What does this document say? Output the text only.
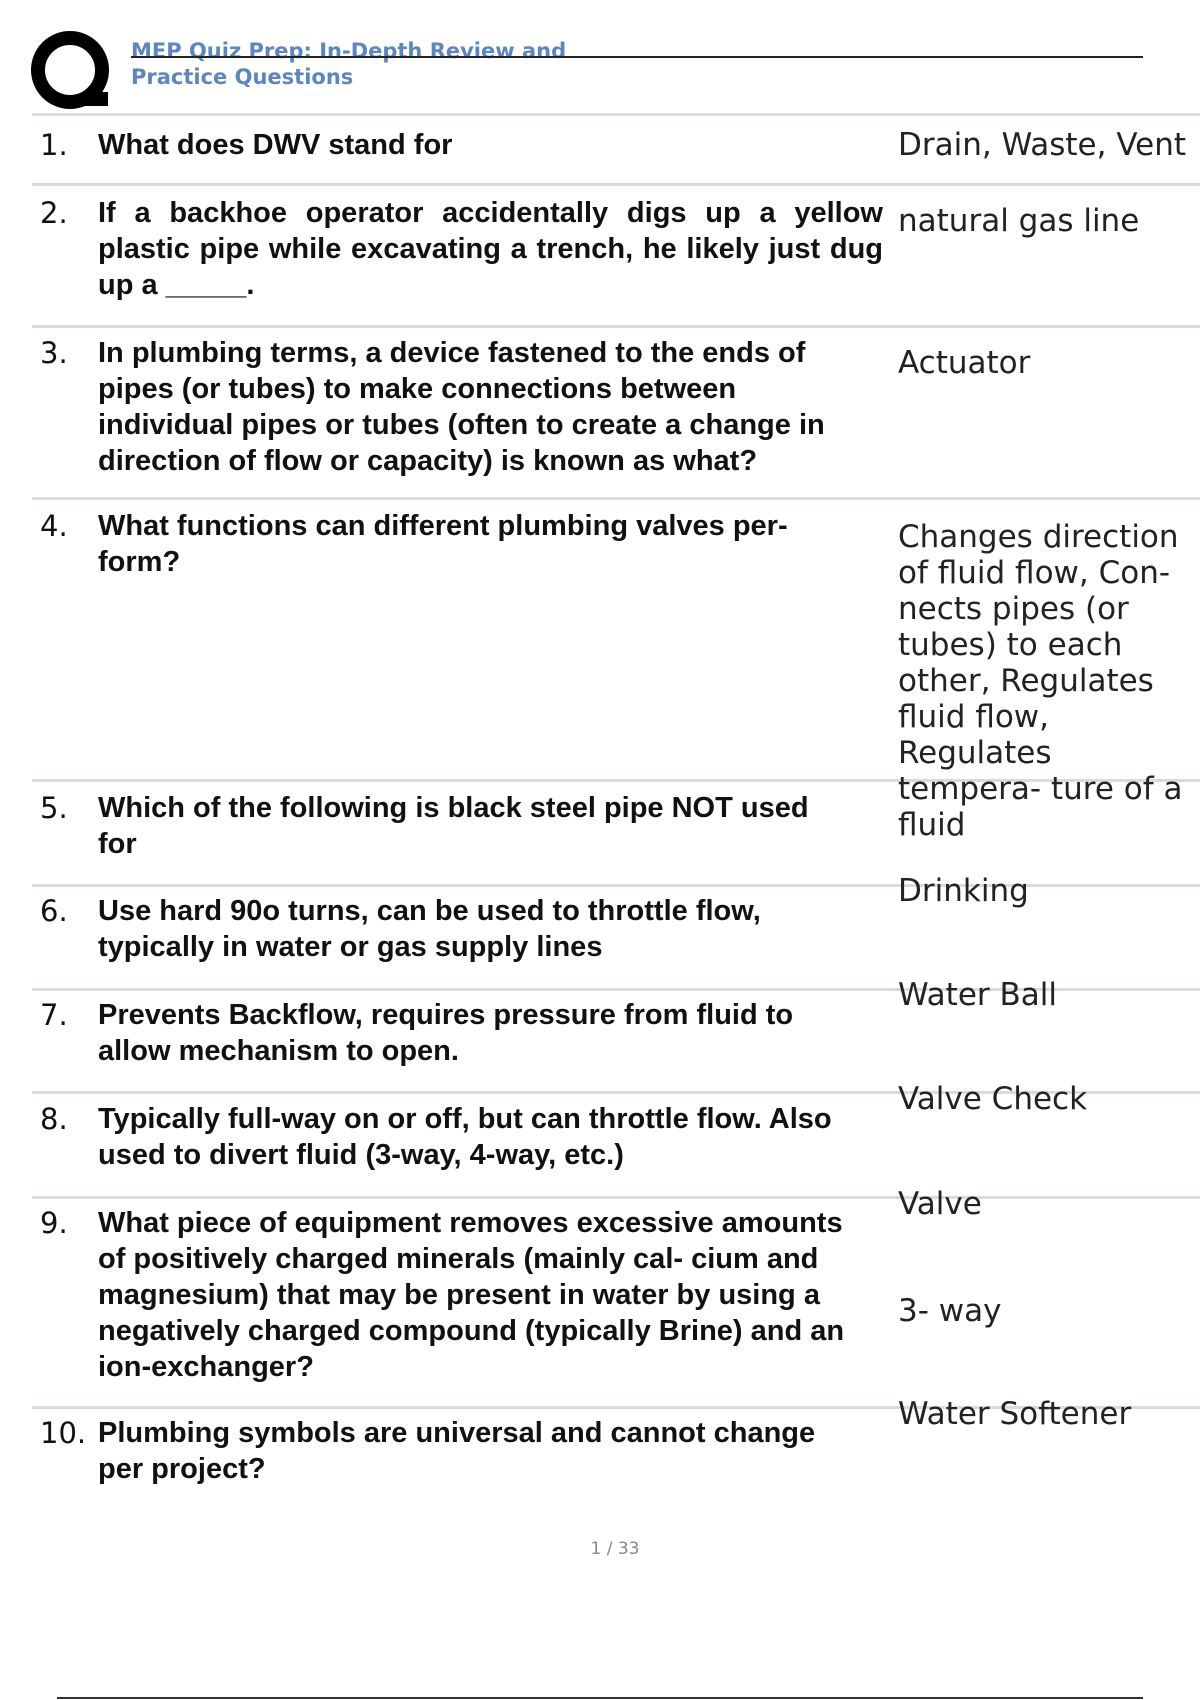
MEP Quiz Prep: In-Depth Review and Practice Questions
1.	What does DWV stand for	Drain, Waste, Vent
2.	If a backhoe operator accidentally digs up a yellow plastic pipe while excavating a trench, he likely just dug up a _____.
natural gas line
3.	In plumbing terms, a device fastened to the ends of pipes (or tubes) to make connections between individual pipes or tubes (often to create a change in direction of flow or capacity) is known as what?
Actuator
4.	What functions can different plumbing valves per- form?
Changes direction of fluid flow, Con- nects pipes (or tubes) to each other, Regulates fluid flow, Regulates tempera- ture of a fluid
5.	Which of the following is black steel pipe NOT used for
Drinking
6.	Use hard 90o turns, can be used to throttle flow, typically in water or gas supply lines
Water Ball
7.	Prevents Backflow, requires pressure from fluid to allow mechanism to open.
Valve Check
8.	Typically full-way on or off, but can throttle flow. Also used to divert fluid (3-way, 4-way, etc.)
Valve
9.	What piece of equipment removes excessive amounts of positively charged minerals (mainly cal- cium and magnesium) that may be present in water by using a negatively charged compound (typically Brine) and an ion-exchanger?
3- way
10. Plumbing symbols are universal and cannot change per project?
Water Softener
1 / 33
